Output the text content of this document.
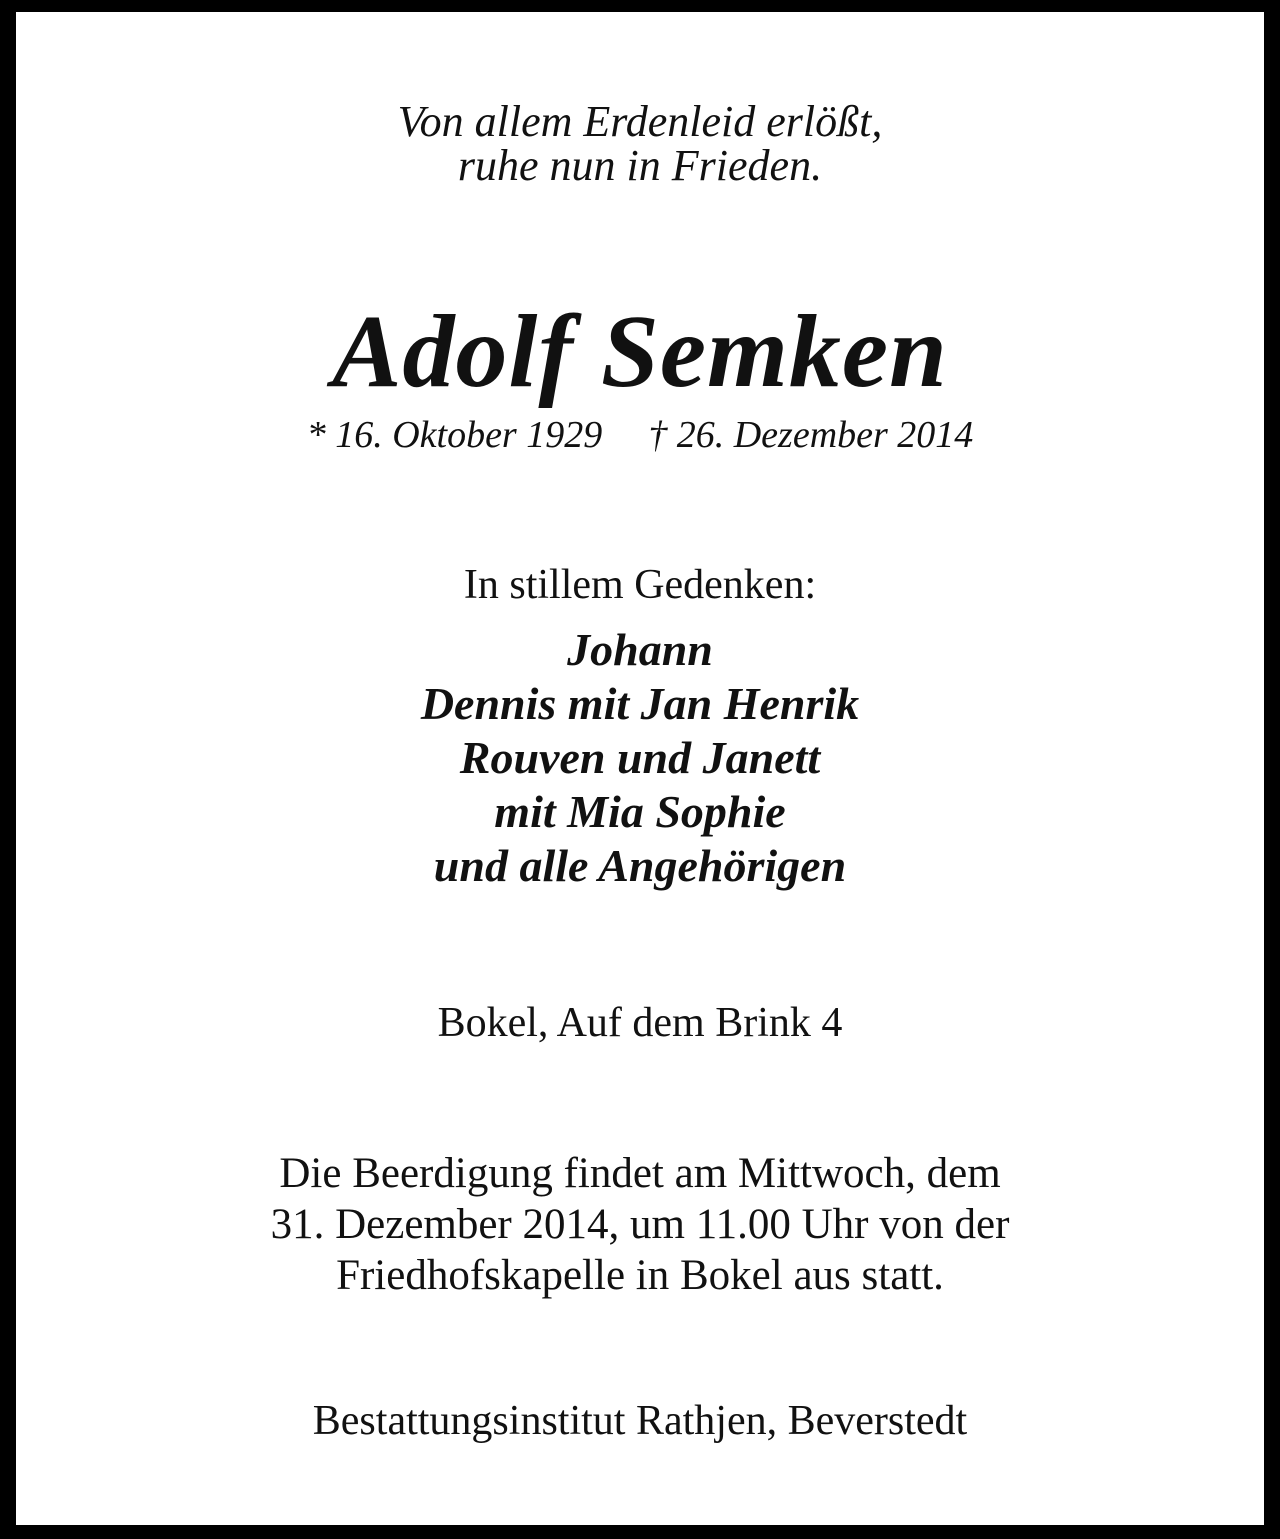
Von allem Erdenleid erlößt,
ruhe nun in Frieden.
Adolf Semken
* 16. Oktober 1929 † 26. Dezember 2014
In stillem Gedenken:
Johann
Dennis mit Jan Henrik
Rouven und Janett
mit Mia Sophie
und alle Angehörigen
Bokel, Auf dem Brink 4
Die Beerdigung findet am Mittwoch, dem
31. Dezember 2014, um 11.00 Uhr von der
Friedhofskapelle in Bokel aus statt.
Bestattungsinstitut Rathjen, Beverstedt
